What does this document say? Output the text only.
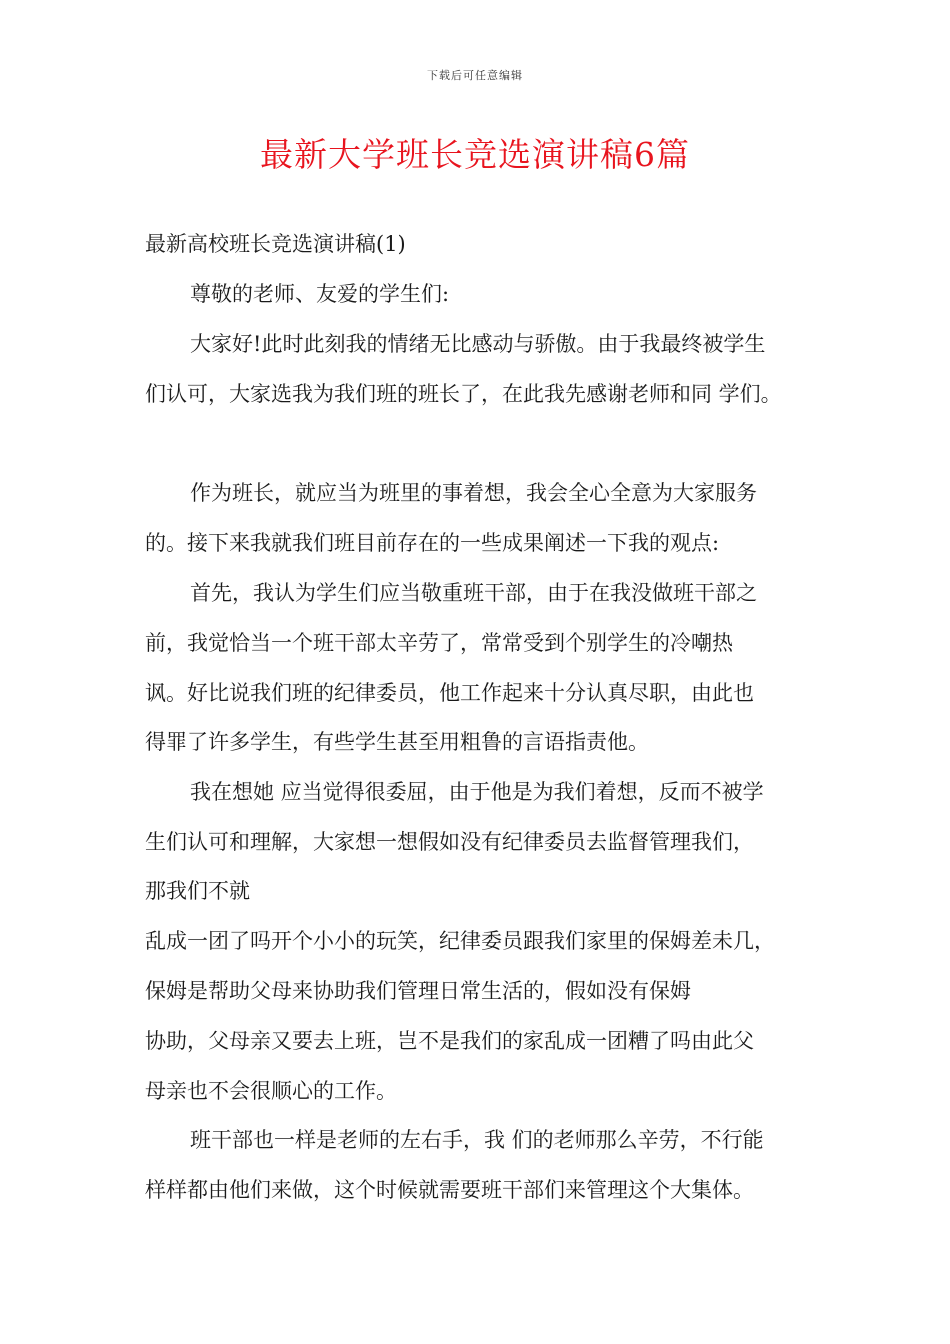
下载后可任意编辑
最新大学班长竞选演讲稿6篇
最新高校班长竞选演讲稿(1)
尊敬的老师、友爱的学生们:
大家好!此时此刻我的情绪无比感动与骄傲。由于我最终被学生
们认可，大家选我为我们班的班长了，在此我先感谢老师和同 学们。
作为班长，就应当为班里的事着想，我会全心全意为大家服务
的。接下来我就我们班目前存在的一些成果阐述一下我的观点:
首先，我认为学生们应当敬重班干部，由于在我没做班干部之
前，我觉恰当一个班干部太辛劳了，常常受到个别学生的冷嘲热
讽。好比说我们班的纪律委员，他工作起来十分认真尽职，由此也
得罪了许多学生，有些学生甚至用粗鲁的言语指责他。
我在想她 应当觉得很委屈，由于他是为我们着想，反而不被学
生们认可和理解，大家想一想假如没有纪律委员去监督管理我们，
那我们不就
乱成一团了吗开个小小的玩笑，纪律委员跟我们家里的保姆差未几，
保姆是帮助父母来协助我们管理日常生活的，假如没有保姆
协助，父母亲又要去上班，岂不是我们的家乱成一团糟了吗由此父
母亲也不会很顺心的工作。
班干部也一样是老师的左右手，我 们的老师那么辛劳，不行能
样样都由他们来做，这个时候就需要班干部们来管理这个大集体。
